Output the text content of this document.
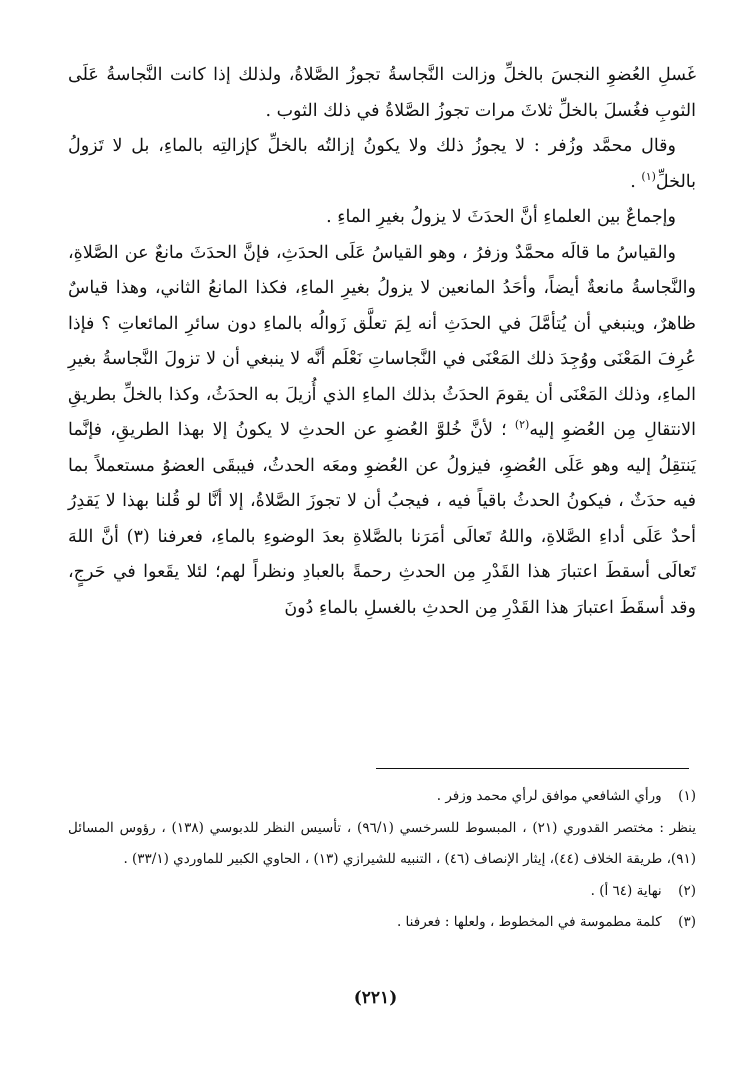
غَسلِ العُضوِ النجسَ بالخلِّ وزالت النَّجاسةُ تجوزُ الصَّلاةُ، ولذلك إذا كانت النَّجاسةُ عَلَى الثوبِ فغُسلَ بالخلِّ ثلاثَ مرات تجوزُ الصَّلاةُ في ذلك الثوب .

وقال محمَّد وزُفر : لا يجوزُ ذلك ولا يكونُ إزالتُه بالخلِّ كإزالتِه بالماءِ، بل لا تَزولُ بالخلِّ$^{(١)}$ .

وإجماعٌ بين العلماءِ أنَّ الحدَثَ لا يزولُ بغيرِ الماءِ .

والقياسُ ما قالَه محمَّدٌ وزفرُ ، وهو القياسُ عَلَى الحدَثِ، فإنَّ الحدَثَ مانعٌ عن الصَّلاةِ، والنَّجاسةُ مانعةٌ أيضاً، وأحَدُ المانعين لا يزولُ بغيرِ الماءِ، فكذا المانعُ الثاني، وهذا قياسٌ ظاهرٌ، وينبغي أن يُتأمَّلَ في الحدَثِ أنه لِمَ تعلَّق زَوالُه بالماءِ دون سائرِ المائعاتِ ؟ فإذا عُرِفَ المَعْنَى ووُجِدَ ذلك المَعْنَى في النَّجاساتِ نَعْلَم أنَّه لا ينبغي أن لا تزولَ النَّجاسةُ بغيرِ الماءِ، وذلك المَعْنَى أن يقومَ الحدَثُ بذلك الماءِ الذي أُزيلَ به الحدَثُ، وكذا بالخلِّ بطريقِ الانتقالِ مِن العُضوِ إليه$^{(٢)}$ ؛ لأنَّ خُلوَّ العُضوِ عن الحدثِ لا يكونُ إلا بهذا الطريقِ، فإنَّما يَنتقِلُ إليه وهو عَلَى العُضوِ، فيزولُ عن العُضوِ ومعَه الحدثُ، فيبقَى العضوُ مستعملاً بما فيه حدَثٌ ، فيكونُ الحدثُ باقياً فيه ، فيجبُ أن لا تجوزَ الصَّلاةُ، إلا أنَّا لو قُلنا بهذا لا يَقدِرُ أحدٌ عَلَى أداءِ الصَّلاةِ، واللهُ تَعالَى أمَرَنا بالصَّلاةِ بعدَ الوضوءِ بالماءِ، فعرفنا (٣) أنَّ اللهَ تَعالَى أسقطَ اعتبارَ هذا القَدْرِ مِن الحدثِ رحمةً بالعبادِ ونظراً لهم؛ لئلا يقَعوا في حَرجٍ، وقد أسقَطَ اعتبارَ هذا القَدْرِ مِن الحدثِ بالغسلِ بالماءِ دُونَ

(١) ورأي الشافعي موافق لرأي محمد وزفر .

ينظر : مختصر القدوري (٢١) ، المبسوط للسرخسي (٩٦/١) ، تأسيس النظر للدبوسي (١٣٨) ، رؤوس المسائل (٩١)، طريقة الخلاف (٤٤)، إيثار الإنصاف (٤٦) ، التنبيه للشيرازي (١٣) ، الحاوي الكبير للماوردي (٣٣/١) .

(٢) نهاية (٦٤ أ) .

(٣) كلمة مطموسة في المخطوط ، ولعلها : فعرفنا .

(٢٢١)
